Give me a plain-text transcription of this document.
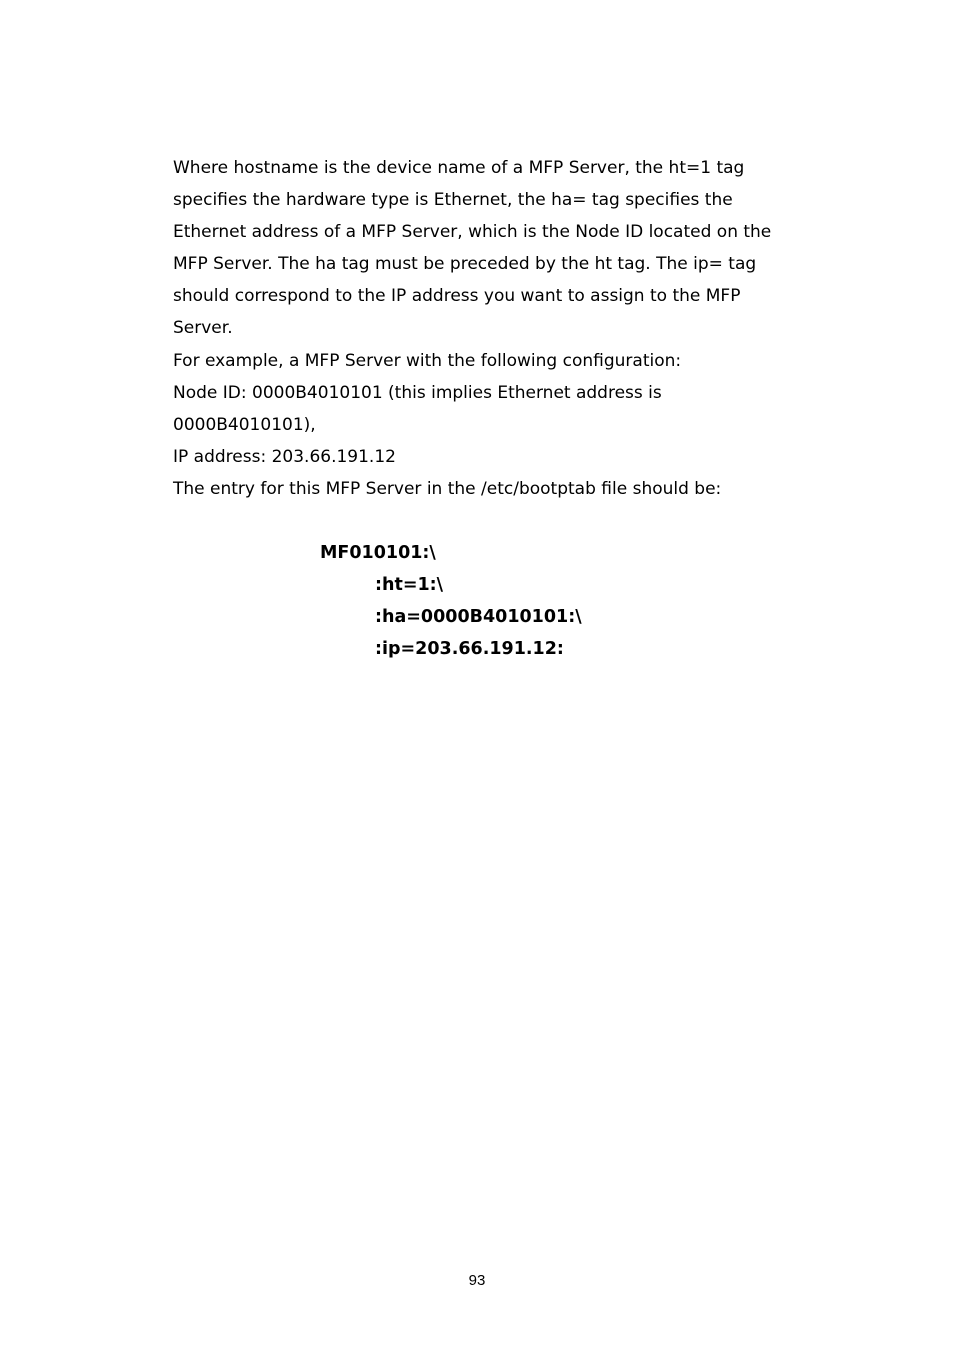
Where hostname is the device name of a MFP Server, the ht=1 tag
specifies the hardware type is Ethernet, the ha= tag specifies the
Ethernet address of a MFP Server, which is the Node ID located on the
MFP Server. The ha tag must be preceded by the ht tag. The ip= tag
should correspond to the IP address you want to assign to the MFP
Server.
For example, a MFP Server with the following configuration:
Node ID: 0000B4010101 (this implies Ethernet address is
0000B4010101),
IP address: 203.66.191.12
The entry for this MFP Server in the /etc/bootptab file should be:
MF010101:\
:ht=1:\
:ha=0000B4010101:\
:ip=203.66.191.12:
93
